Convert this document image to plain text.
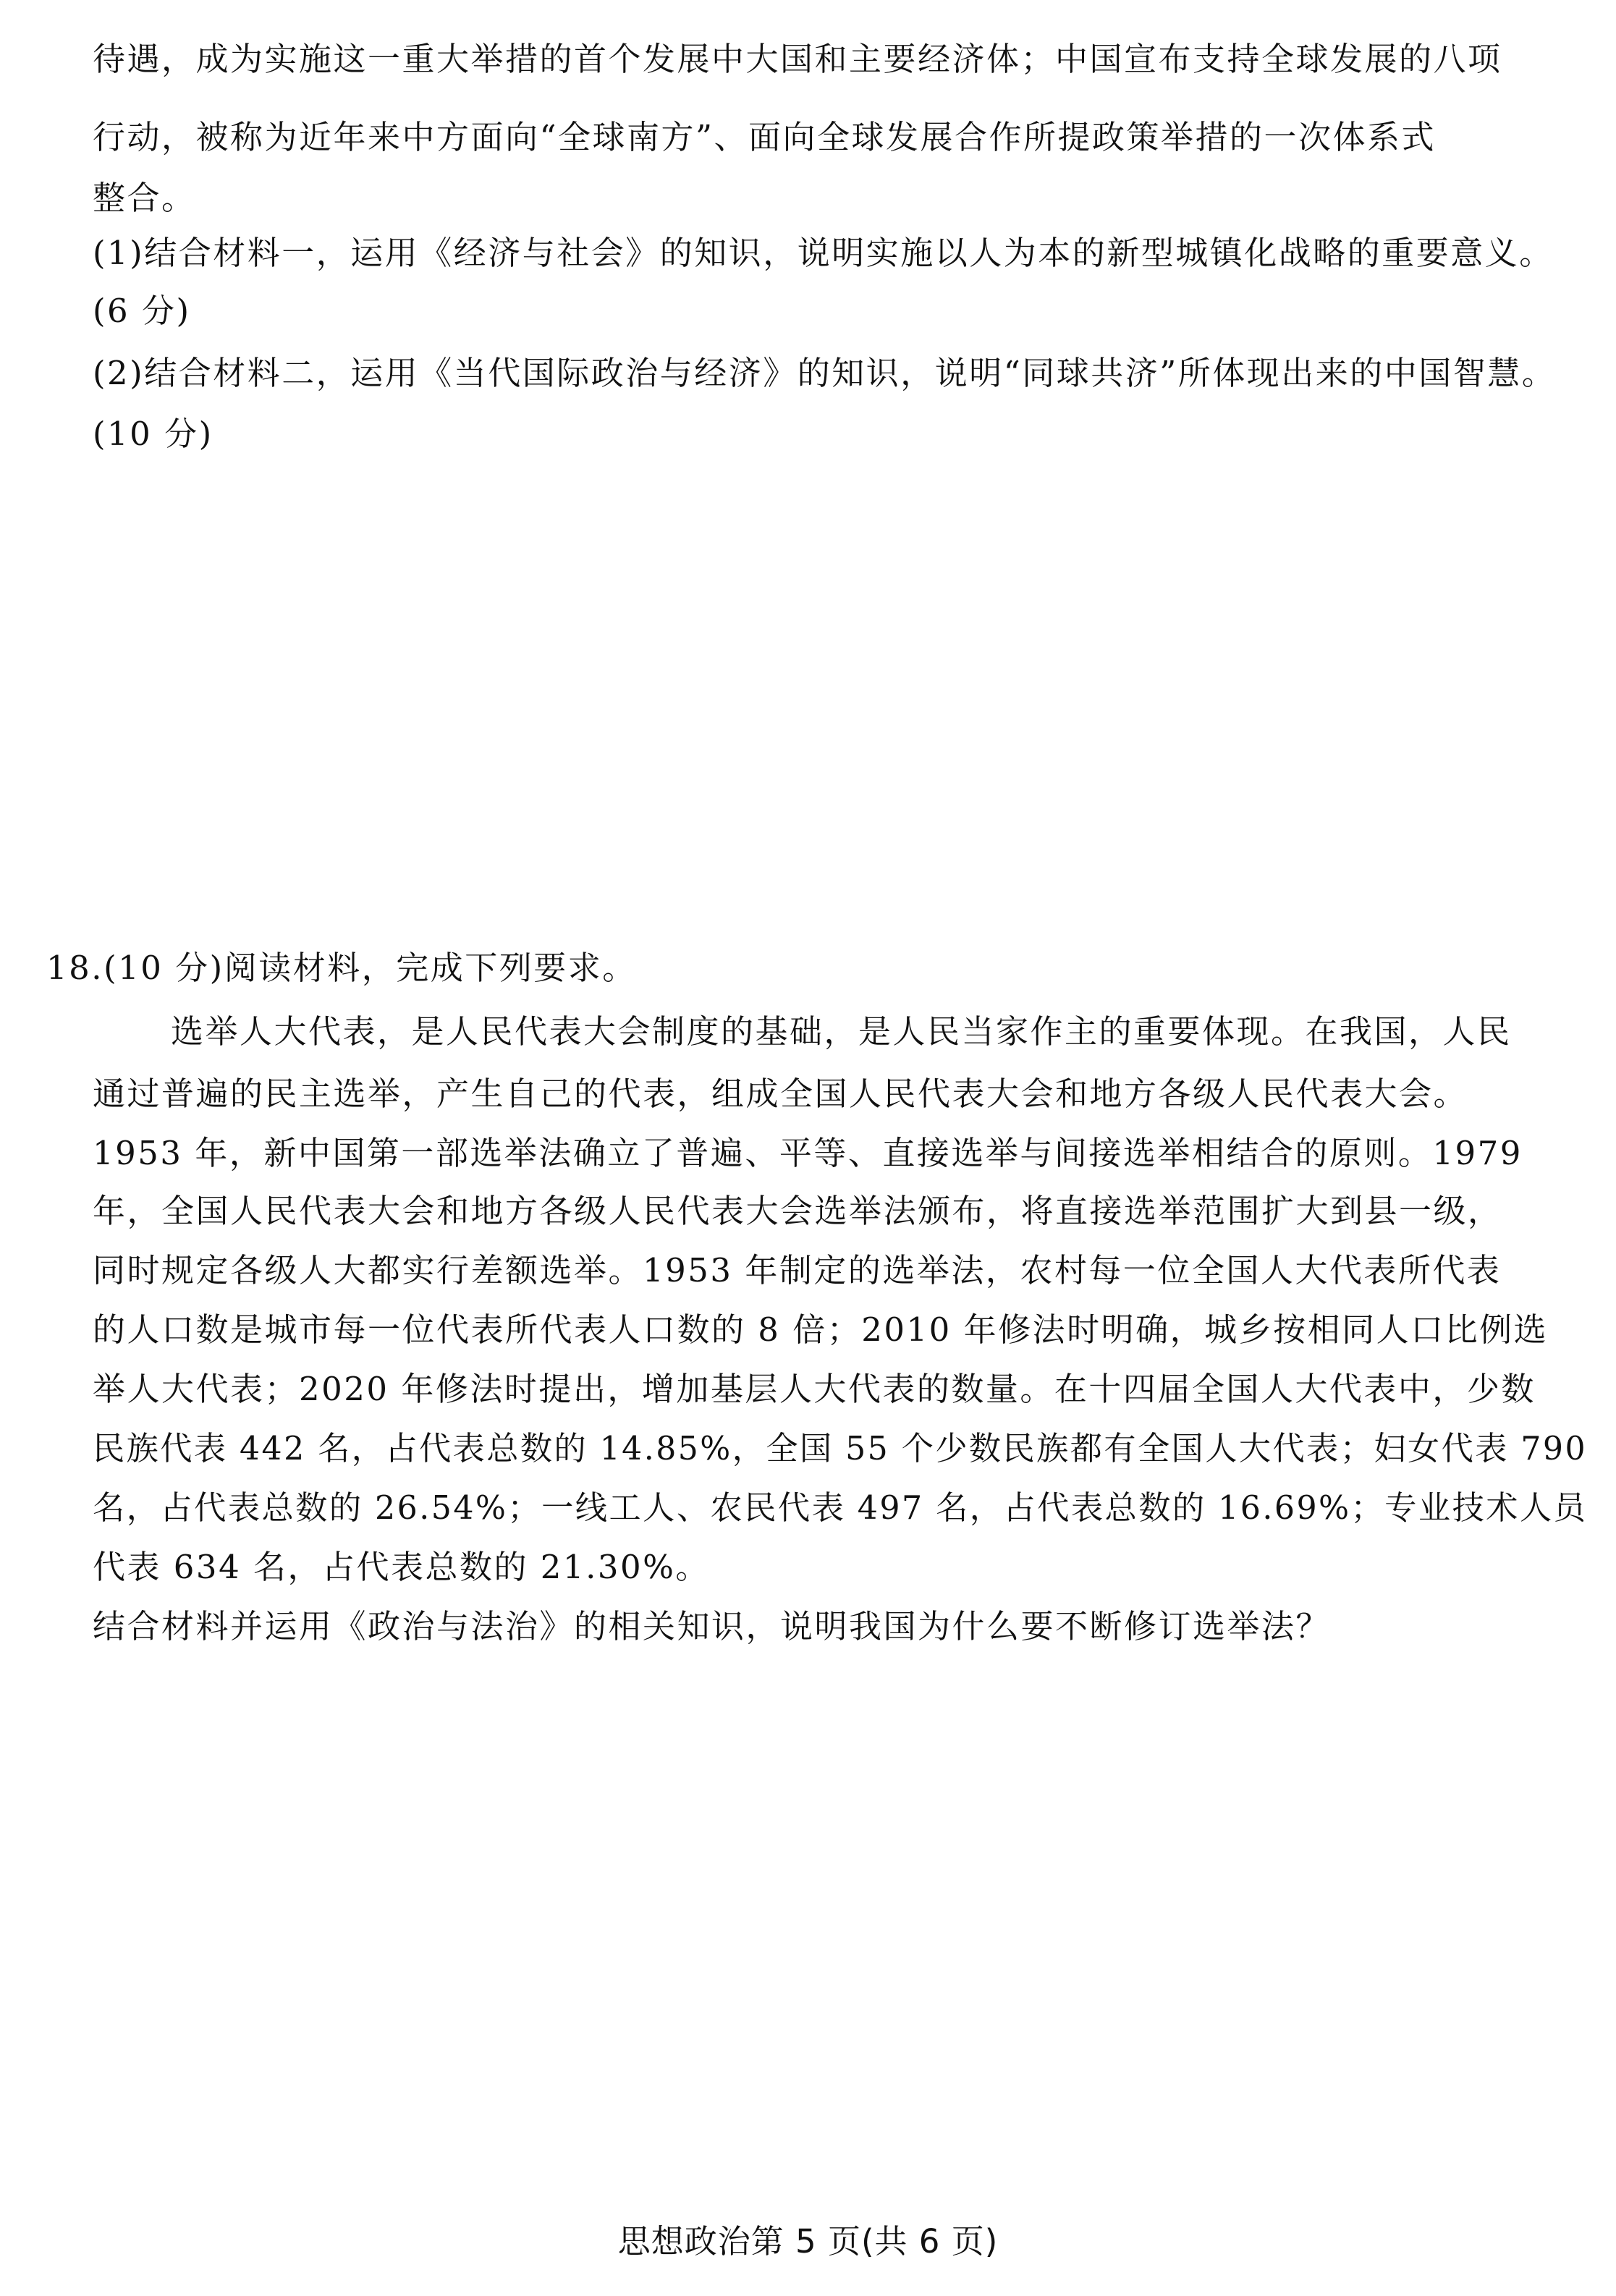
待遇，成为实施这一重大举措的首个发展中大国和主要经济体；中国宣布支持全球发展的八项
行动，被称为近年来中方面向“全球南方”、面向全球发展合作所提政策举措的一次体系式
整合。
(1)结合材料一，运用《经济与社会》的知识，说明实施以人为本的新型城镇化战略的重要意义。
(6 分)
(2)结合材料二，运用《当代国际政治与经济》的知识，说明“同球共济”所体现出来的中国智慧。
(10 分)
18.(10 分)阅读材料，完成下列要求。
选举人大代表，是人民代表大会制度的基础，是人民当家作主的重要体现。在我国，人民
通过普遍的民主选举，产生自己的代表，组成全国人民代表大会和地方各级人民代表大会。
1953 年，新中国第一部选举法确立了普遍、平等、直接选举与间接选举相结合的原则。1979
年，全国人民代表大会和地方各级人民代表大会选举法颁布，将直接选举范围扩大到县一级，
同时规定各级人大都实行差额选举。1953 年制定的选举法，农村每一位全国人大代表所代表
的人口数是城市每一位代表所代表人口数的 8 倍；2010 年修法时明确，城乡按相同人口比例选
举人大代表；2020 年修法时提出，增加基层人大代表的数量。在十四届全国人大代表中，少数
民族代表 442 名，占代表总数的 14.85%，全国 55 个少数民族都有全国人大代表；妇女代表 790
名，占代表总数的 26.54%；一线工人、农民代表 497 名，占代表总数的 16.69%；专业技术人员
代表 634 名，占代表总数的 21.30%。
结合材料并运用《政治与法治》的相关知识，说明我国为什么要不断修订选举法？
思想政治第 5 页(共 6 页)
